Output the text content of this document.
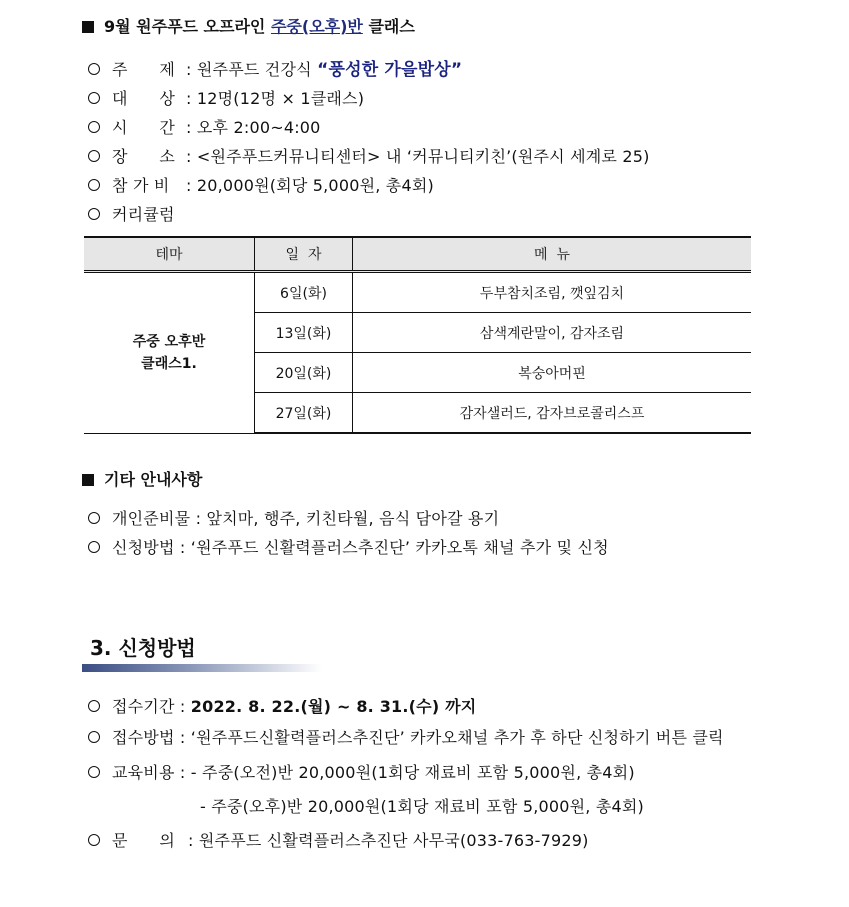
9월 원주푸드 오프라인 주중(오후)반 클래스
주      제 : 원주푸드 건강식 “풍성한 가을밥상”
대      상 : 12명(12명 × 1클래스)
시      간 : 오후 2:00~4:00
장      소 : <원주푸드커뮤니티센터> 내 ‘커뮤니티키친’(원주시 세계로 25)
참 가 비 : 20,000원(회당 5,000원, 총4회)
커리큘럼
테마	일  자	메  뉴

주중 오후반
클래스1.	6일(화)	두부참치조림, 깻잎김치
	13일(화)	삼색계란말이, 감자조림
	20일(화)	복숭아머핀
	27일(화)	감자샐러드, 감자브로콜리스프
기타 안내사항
개인준비물 : 앞치마, 행주, 키친타월, 음식 담아갈 용기
신청방법 : ‘원주푸드 신활력플러스추진단’ 카카오톡 채널 추가 및 신청
3. 신청방법
접수기간 : 2022. 8. 22.(월) ~ 8. 31.(수) 까지
접수방법 : ‘원주푸드신활력플러스추진단’ 카카오채널 추가 후 하단 신청하기 버튼 클릭
교육비용 : - 주중(오전)반 20,000원(1회당 재료비 포함 5,000원, 총4회)
- 주중(오후)반 20,000원(1회당 재료비 포함 5,000원, 총4회)
문      의 : 원주푸드 신활력플러스추진단 사무국(033-763-7929)
